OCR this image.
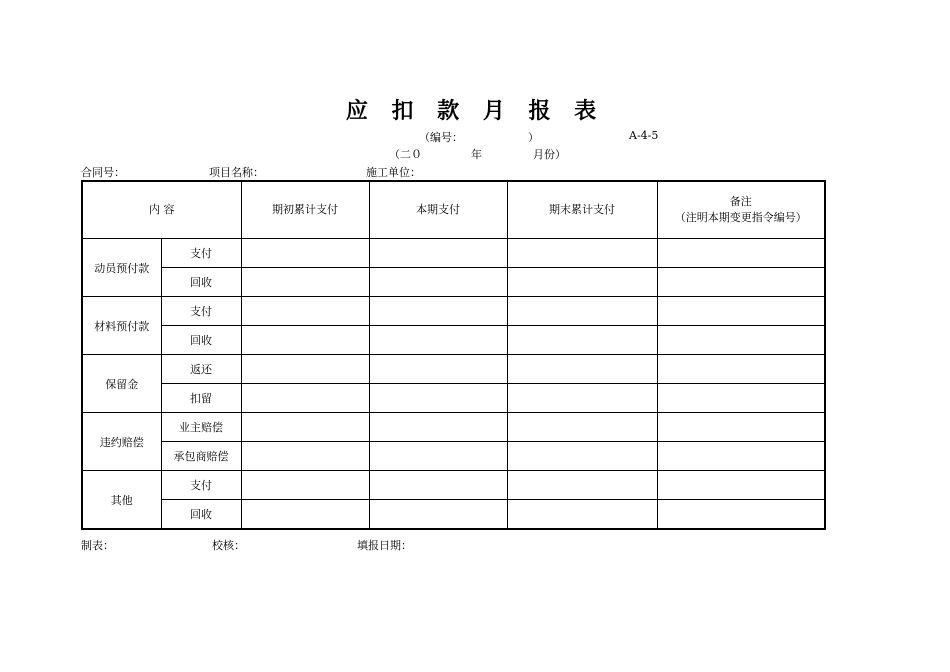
应 扣 款 月 报 表
（编号：	）	A-4-5
（二０	年	月份）
合同号：	项目名称：	施工单位：
内 容		期初累计支付	本期支付	期末累计支付	备注
（注明本期变更指令编号）

动员预付款	支付				
	回收				
材料预付款	支付				
	回收				
保留金	返还				
	扣留				
违约赔偿	业主赔偿				
	承包商赔偿				
其他	支付				
	回收				
制表：	校核：	填报日期：
